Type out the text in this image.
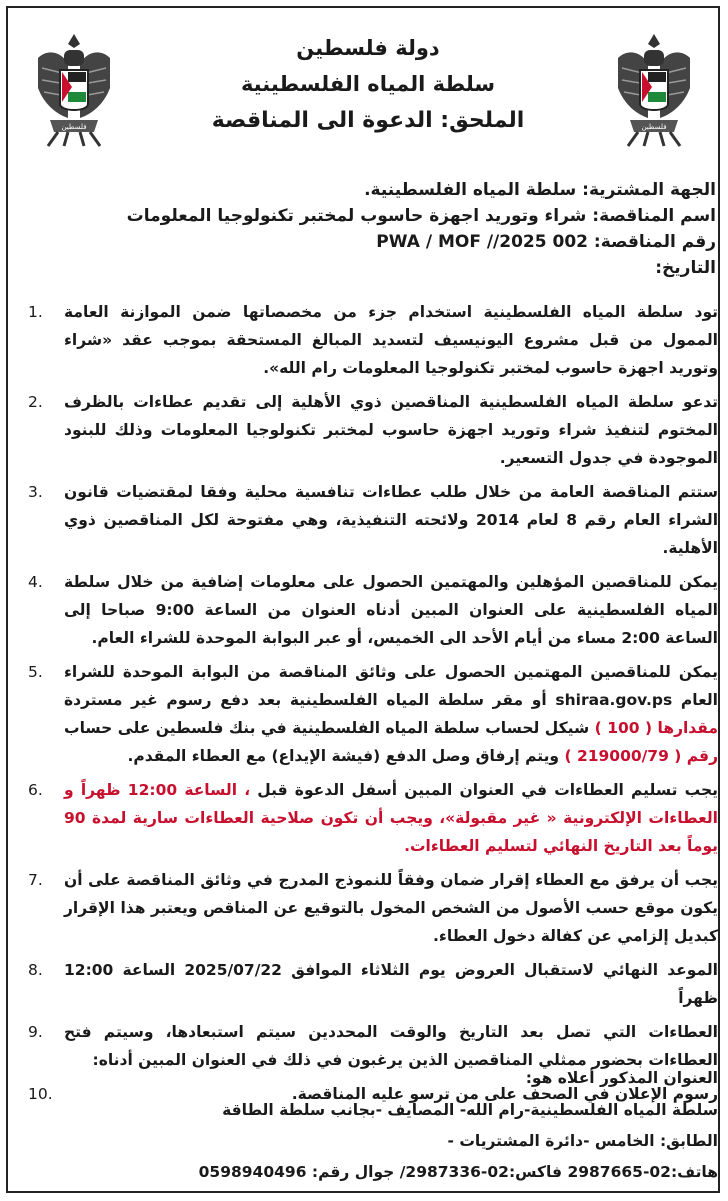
فلسطين	فلسطين
دولة فلسطين
سلطة المياه الفلسطينية
الملحق: الدعوة الى المناقصة
الجهة المشترية: سلطة المياه الفلسطينية.
اسم المناقصة: شراء وتوريد اجهزة حاسوب لمختبر تكنولوجيا المعلومات
رقم المناقصة: PWA / MOF //2025 002
التاريخ:
1.	تود سلطة المياه الفلسطينية استخدام جزء من مخصصاتها ضمن الموازنة العامة الممول من قبل مشروع اليونيسيف لتسديد المبالغ المستحقة بموجب عقد «شراء وتوريد اجهزة حاسوب لمختبر تكنولوجيا المعلومات رام الله».
2.	تدعو سلطة المياه الفلسطينية المناقصين ذوي الأهلية إلى تقديم عطاءات بالظرف المختوم لتنفيذ شراء وتوريد اجهزة حاسوب لمختبر تكنولوجيا المعلومات وذلك للبنود الموجودة في جدول التسعير.
3.	ستتم المناقصة العامة من خلال طلب عطاءات تنافسية محلية وفقا لمقتضيات قانون الشراء العام رقم 8 لعام 2014 ولائحته التنفيذية، وهي مفتوحة لكل المناقصين ذوي الأهلية.
4.	يمكن للمناقصين المؤهلين والمهتمين الحصول على معلومات إضافية من خلال سلطة المياه الفلسطينية على العنوان المبين أدناه العنوان من الساعة 9:00 صباحا إلى الساعة 2:00 مساء من أيام الأحد الى الخميس، أو عبر البوابة الموحدة للشراء العام.
5.	يمكن للمناقصين المهتمين الحصول على وثائق المناقصة من البوابة الموحدة للشراء العام shiraa.gov.ps أو مقر سلطة المياه الفلسطينية بعد دفع رسوم غير مستردة مقدارها ( 100 ) شيكل لحساب سلطة المياه الفلسطينية في بنك فلسطين على حساب رقم ( 219000/79 ) ويتم إرفاق وصل الدفع (فيشة الإيداع) مع العطاء المقدم.
6.	يجب تسليم العطاءات في العنوان المبين أسفل الدعوة قبل ، الساعة 12:00 ظهراً و العطاءات الإلكترونية « غير مقبولة»، ويجب أن تكون صلاحية العطاءات سارية لمدة 90 يوماً بعد التاريخ النهائي لتسليم العطاءات.
7.	يجب أن يرفق مع العطاء إقرار ضمان وفقاً للنموذج المدرج في وثائق المناقصة على أن يكون موقع حسب الأصول من الشخص المخول بالتوقيع عن المناقص ويعتبر هذا الإقرار كبديل إلزامي عن كفالة دخول العطاء.
8.	الموعد النهائي لاستقبال العروض يوم الثلاثاء الموافق 2025/07/22 الساعة 12:00 ظهراً
9.	العطاءات التي تصل بعد التاريخ والوقت المحددين سيتم استبعادها، وسيتم فتح العطاءات بحضور ممثلي المناقصين الذين يرغبون في ذلك في العنوان المبين أدناه:
10.	رسوم الإعلان في الصحف على من ترسو عليه المناقصة.
العنوان المذكور أعلاه هو:
سلطة المياه الفلسطينية-رام الله- المصايف -بجانب سلطة الطاقة
الطابق: الخامس -دائرة المشتريات -
هاتف:02-2987665 فاكس:02-2987336/ جوال رقم: 0598940496
